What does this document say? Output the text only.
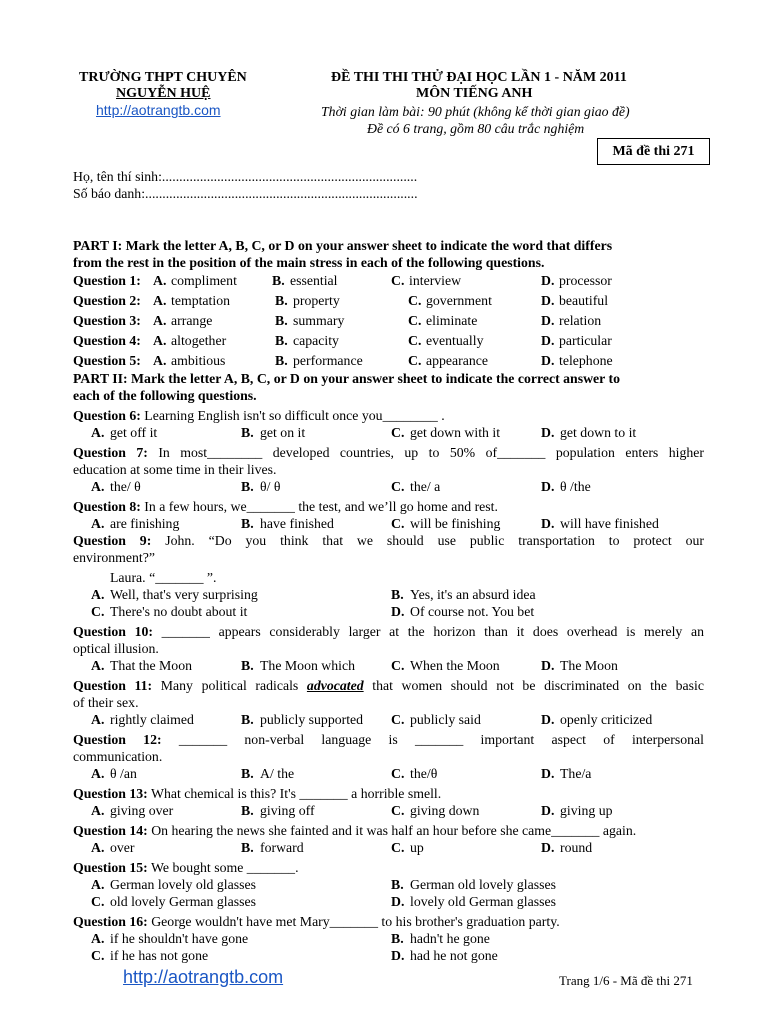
TRƯỜNG THPT CHUYÊN
NGUYỄN HUỆ
http://aotrangtb.com
ĐỀ THI THI THỬ ĐẠI HỌC LẦN 1 - NĂM 2011
MÔN TIẾNG ANH
Thời gian làm bài: 90 phút (không kể thời gian giao đề)
Đề có 6 trang, gồm 80 câu trắc nghiệm
Mã đề thi 271
Họ, tên thí sinh:..........................................................................
Số báo danh:...............................................................................
PART I: Mark the letter A, B, C, or D on your answer sheet to indicate the word that differs
from the rest in the position of the main stress in each of the following questions.
Question 1: A. compliment	B. essential	C. interview	D. processor
Question 2: A. temptation	B. property	C. government	D. beautiful
Question 3: A. arrange	B. summary	C. eliminate	D. relation
Question 4: A. altogether	B. capacity	C. eventually	D. particular
Question 5: A. ambitious	B. performance	C. appearance	D. telephone
PART II: Mark the letter A, B, C, or D on your answer sheet to indicate the correct answer to
each of the following questions.
Question 6: Learning English isn't so difficult once you________ .
A. get off it	B. get on it	C. get down with it	D. get down to it
Question 7: In most________ developed countries, up to 50% of_______ population enters higher
education at some time in their lives.
A. the/ θ	B. θ/ θ	C. the/ a	D. θ /the
Question 8: In a few hours, we_______ the test, and we’ll go home and rest.
A. are finishing	B. have finished	C. will be finishing	D. will have finished
Question 9: John. “Do you think that we should use public transportation to protect our
environment?”
Laura. “_______ ”.
A. Well, that's very surprising	B. Yes, it's an absurd idea
C. There's no doubt about it	D. Of course not. You bet
Question 10: _______ appears considerably larger at the horizon than it does overhead is merely an
optical illusion.
A. That the Moon	B. The Moon which	C. When the Moon	D. The Moon
Question 11: Many political radicals advocated that women should not be discriminated on the basic
of their sex.
A. rightly claimed	B. publicly supported C. publicly said	D. openly criticized
Question 12: _______ non-verbal language is _______ important aspect of interpersonal
communication.
A. θ /an	B. A/ the	C. the/θ	D. The/a
Question 13: What chemical is this? It's _______ a horrible smell.
A. giving over	B. giving off	C. giving down	D. giving up
Question 14: On hearing the news she fainted and it was half an hour before she came_______ again.
A. over	B. forward	C. up	D. round
Question 15: We bought some _______.
A. German lovely old glasses	B. German old lovely glasses
C. old lovely German glasses	D. lovely old German glasses
Question 16: George wouldn't have met Mary_______ to his brother's graduation party.
A. if he shouldn't have gone	B. hadn't he gone
C. if he has not gone	D. had he not gone
http://aotrangtb.com	Trang 1/6 - Mã đề thi 271
